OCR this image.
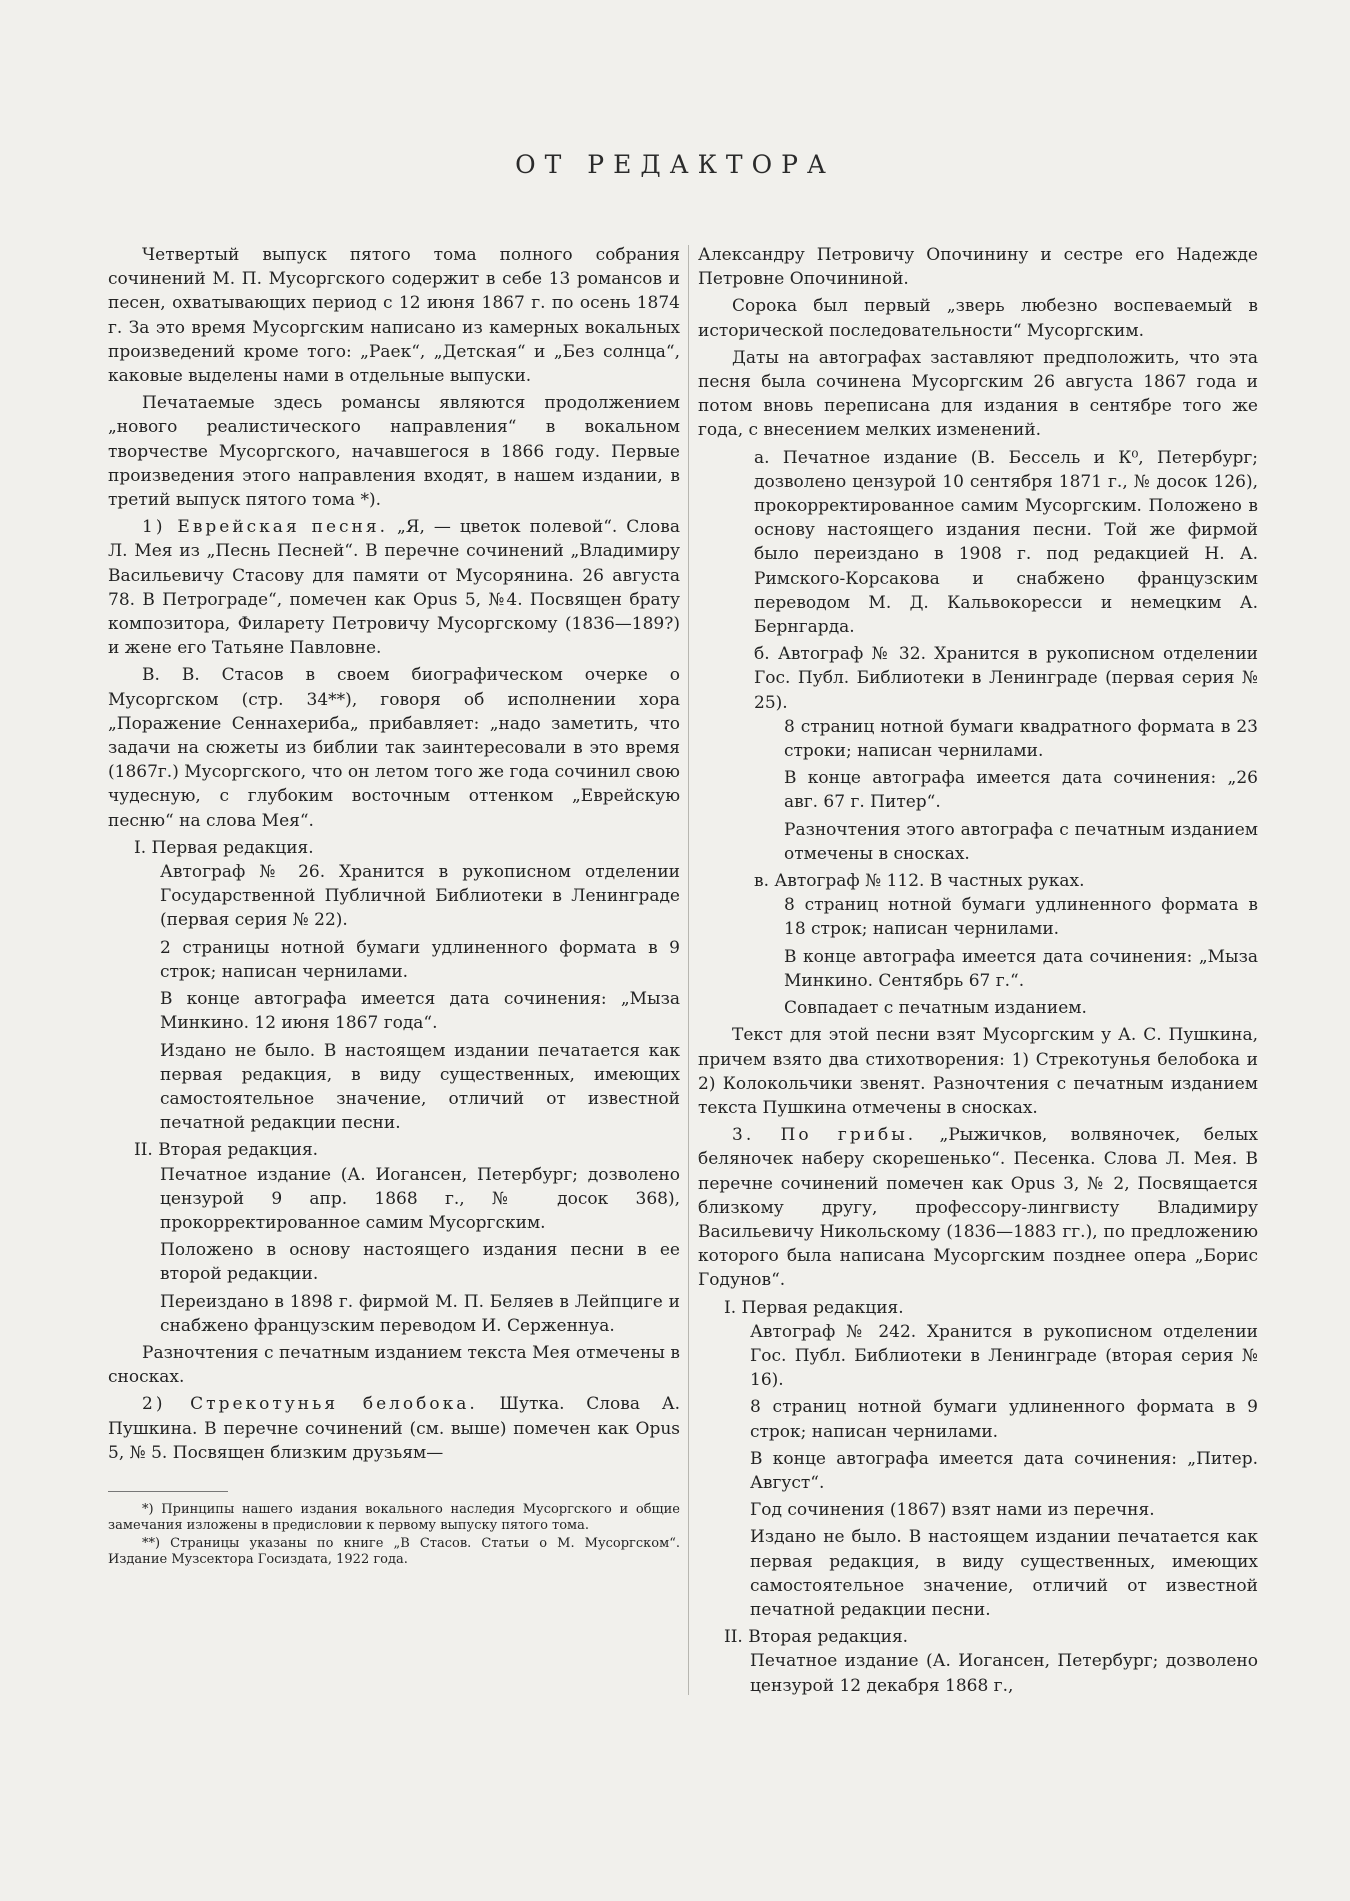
ОТ РЕДАКТОРА

Четвертый выпуск пятого тома полного собрания сочинений М. П. Мусоргского содержит в себе 13 романсов и песен, охватывающих период с 12 июня 1867 г. по осень 1874 г. За это время Мусоргским написано из камерных вокальных произведений кроме того: „Раек“, „Детская“ и „Без солнца“, каковые выделены нами в отдельные выпуски.

Печатаемые здесь романсы являются продолжением „нового реалистического направления“ в вокальном творчестве Мусоргского, начавшегося в 1866 году. Первые произведения этого направления входят, в нашем издании, в третий выпуск пятого тома *).

1) Еврейская песня. „Я, — цветок полевой“. Слова Л. Мея из „Песнь Песней“. В перечне сочинений „Владимиру Васильевичу Стасову для памяти от Мусорянина. 26 августа 78. В Петрограде“, помечен как Opus 5, №4. Посвящен брату композитора, Филарету Петровичу Мусоргскому (1836—189?) и жене его Татьяне Павловне.

В. В. Стасов в своем биографическом очерке о Мусоргском (стр. 34**), говоря об исполнении хора „Поражение Сеннахериба„ прибавляет: „надо заметить, что задачи на сюжеты из библии так заинтересовали в это время (1867г.) Мусоргского, что он летом того же года сочинил свою чудесную, с глубоким восточным оттенком „Еврейскую песню“ на слова Мея“.

I. Первая редакция.

Автограф № 26. Хранится в рукописном отделении Государственной Публичной Библиотеки в Ленинграде (первая серия № 22).

2 страницы нотной бумаги удлиненного формата в 9 строк; написан чернилами.

В конце автографа имеется дата сочинения: „Мыза Минкино. 12 июня 1867 года“.

Издано не было. В настоящем издании печатается как первая редакция, в виду существенных, имеющих самостоятельное значение, отличий от известной печатной редакции песни.

II. Вторая редакция.

Печатное издание (А. Иогансен, Петербург; дозволено цензурой 9 апр. 1868 г., № досок 368), прокорректированное самим Мусоргским.

Положено в основу настоящего издания песни в ее второй редакции.

Переиздано в 1898 г. фирмой М. П. Беляев в Лейпциге и снабжено французским переводом И. Серженнуа.

Разночтения с печатным изданием текста Мея отмечены в сносках.

2) Стрекотунья белобока. Шутка. Слова А. Пушкина. В перечне сочинений (см. выше) помечен как Opus 5, № 5. Посвящен близким друзьям—

*) Принципы нашего издания вокального наследия Мусоргского и общие замечания изложены в предисловии к первому выпуску пятого тома.

**) Страницы указаны по книге „В Стасов. Статьи о М. Мусоргском“. Издание Музсектора Госиздата, 1922 года.

Александру Петровичу Опочинину и сестре его Надежде Петровне Опочининой.

Сорока был первый „зверь любезно воспеваемый в исторической последовательности“ Мусоргским.

Даты на автографах заставляют предположить, что эта песня была сочинена Мусоргским 26 августа 1867 года и потом вновь переписана для издания в сентябре того же года, с внесением мелких изменений.

а. Печатное издание (В. Бессель и К⁰, Петербург; дозволено цензурой 10 сентября 1871 г., № досок 126), прокорректированное самим Мусоргским. Положено в основу настоящего издания песни. Той же фирмой было переиздано в 1908 г. под редакцией Н. А. Римского-Корсакова и снабжено французским переводом М. Д. Кальвокоресси и немецким А. Бернгарда.

б. Автограф № 32. Хранится в рукописном отделении Гос. Публ. Библиотеки в Ленинграде (первая серия № 25).

8 страниц нотной бумаги квадратного формата в 23 строки; написан чернилами.

В конце автографа имеется дата сочинения: „26 авг. 67 г. Питер“.

Разночтения этого автографа с печатным изданием отмечены в сносках.

в. Автограф № 112. В частных руках.

8 страниц нотной бумаги удлиненного формата в 18 строк; написан чернилами.

В конце автографа имеется дата сочинения: „Мыза Минкино. Сентябрь 67 г.“.

Совпадает с печатным изданием.

Текст для этой песни взят Мусоргским у А. С. Пушкина, причем взято два стихотворения: 1) Стрекотунья белобока и 2) Колокольчики звенят. Разночтения с печатным изданием текста Пушкина отмечены в сносках.

3. По грибы. „Рыжичков, волвяночек, белых беляночек наберу скорешенько“. Песенка. Слова Л. Мея. В перечне сочинений помечен как Opus 3, № 2, Посвящается близкому другу, профессору-лингвисту Владимиру Васильевичу Никольскому (1836—1883 гг.), по предложению которого была написана Мусоргским позднее опера „Борис Годунов“.

I. Первая редакция.

Автограф № 242. Хранится в рукописном отделении Гос. Публ. Библиотеки в Ленинграде (вторая серия № 16).

8 страниц нотной бумаги удлиненного формата в 9 строк; написан чернилами.

В конце автографа имеется дата сочинения: „Питер. Август“.

Год сочинения (1867) взят нами из перечня.

Издано не было. В настоящем издании печатается как первая редакция, в виду существенных, имеющих самостоятельное значение, отличий от известной печатной редакции песни.

II. Вторая редакция.

Печатное издание (А. Иогансен, Петербург; дозволено цензурой 12 декабря 1868 г.,
